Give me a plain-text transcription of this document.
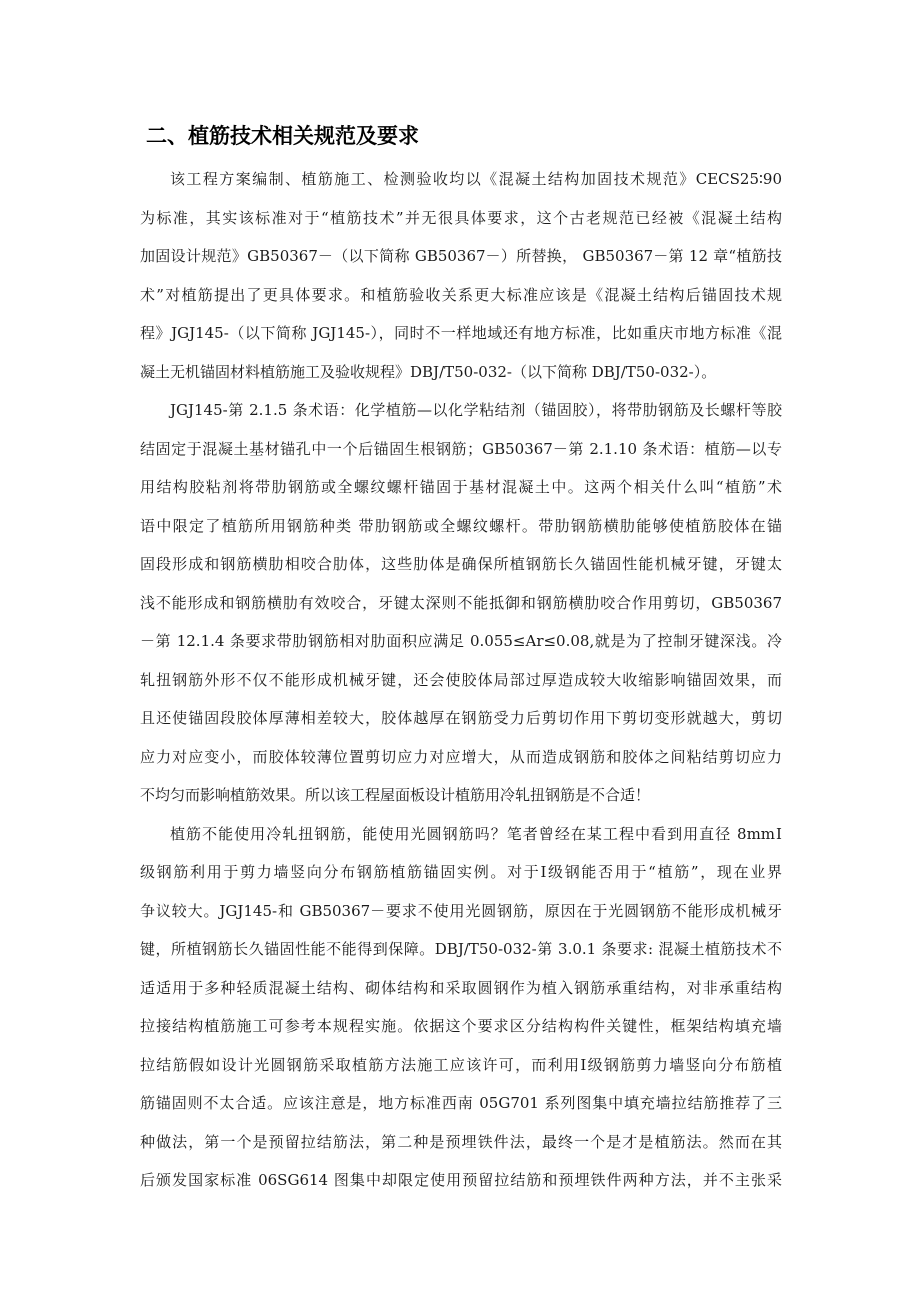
二、植筋技术相关规范及要求
该工程方案编制、植筋施工、检测验收均以《混凝土结构加固技术规范》CECS25∶90
为标准，其实该标准对于“植筋技术”并无很具体要求，这个古老规范已经被《混凝土结构
加固设计规范》GB50367－（以下简称 GB50367－）所替换， GB50367－第 12 章“植筋技
术”对植筋提出了更具体要求。和植筋验收关系更大标准应该是《混凝土结构后锚固技术规
程》JGJ145-（以下简称 JGJ145-），同时不一样地域还有地方标准，比如重庆市地方标准《混
凝土无机锚固材料植筋施工及验收规程》DBJ/T50-032-（以下简称 DBJ/T50-032-）。
JGJ145-第 2.1.5 条术语：化学植筋—以化学粘结剂（锚固胶），将带肋钢筋及长螺杆等胶
结固定于混凝土基材锚孔中一个后锚固生根钢筋；GB50367－第 2.1.10 条术语：植筋—以专
用结构胶粘剂将带肋钢筋或全螺纹螺杆锚固于基材混凝土中。这两个相关什么叫“植筋”术
语中限定了植筋所用钢筋种类 带肋钢筋或全螺纹螺杆。带肋钢筋横肋能够使植筋胶体在锚
固段形成和钢筋横肋相咬合肋体，这些肋体是确保所植钢筋长久锚固性能机械牙键，牙键太
浅不能形成和钢筋横肋有效咬合，牙键太深则不能抵御和钢筋横肋咬合作用剪切，GB50367
－第 12.1.4 条要求带肋钢筋相对肋面积应满足 0.055≤Ar≤0.08,就是为了控制牙键深浅。冷
轧扭钢筋外形不仅不能形成机械牙键，还会使胶体局部过厚造成较大收缩影响锚固效果，而
且还使锚固段胶体厚薄相差较大，胶体越厚在钢筋受力后剪切作用下剪切变形就越大，剪切
应力对应变小，而胶体较薄位置剪切应力对应增大，从而造成钢筋和胶体之间粘结剪切应力
不均匀而影响植筋效果。所以该工程屋面板设计植筋用冷轧扭钢筋是不合适！
植筋不能使用冷轧扭钢筋，能使用光圆钢筋吗？笔者曾经在某工程中看到用直径 8mmⅠ
级钢筋利用于剪力墙竖向分布钢筋植筋锚固实例。对于Ⅰ级钢能否用于“植筋”，现在业界
争议较大。JGJ145-和 GB50367－要求不使用光圆钢筋，原因在于光圆钢筋不能形成机械牙
键，所植钢筋长久锚固性能不能得到保障。DBJ/T50-032-第 3.0.1 条要求: 混凝土植筋技术不
适适用于多种轻质混凝土结构、砌体结构和采取圆钢作为植入钢筋承重结构，对非承重结构
拉接结构植筋施工可参考本规程实施。依据这个要求区分结构构件关键性，框架结构填充墙
拉结筋假如设计光圆钢筋采取植筋方法施工应该许可，而利用Ⅰ级钢筋剪力墙竖向分布筋植
筋锚固则不太合适。应该注意是，地方标准西南 05G701 系列图集中填充墙拉结筋推荐了三
种做法，第一个是预留拉结筋法，第二种是预埋铁件法，最终一个是才是植筋法。然而在其
后颁发国家标准 06SG614 图集中却限定使用预留拉结筋和预埋铁件两种方法，并不主张采
